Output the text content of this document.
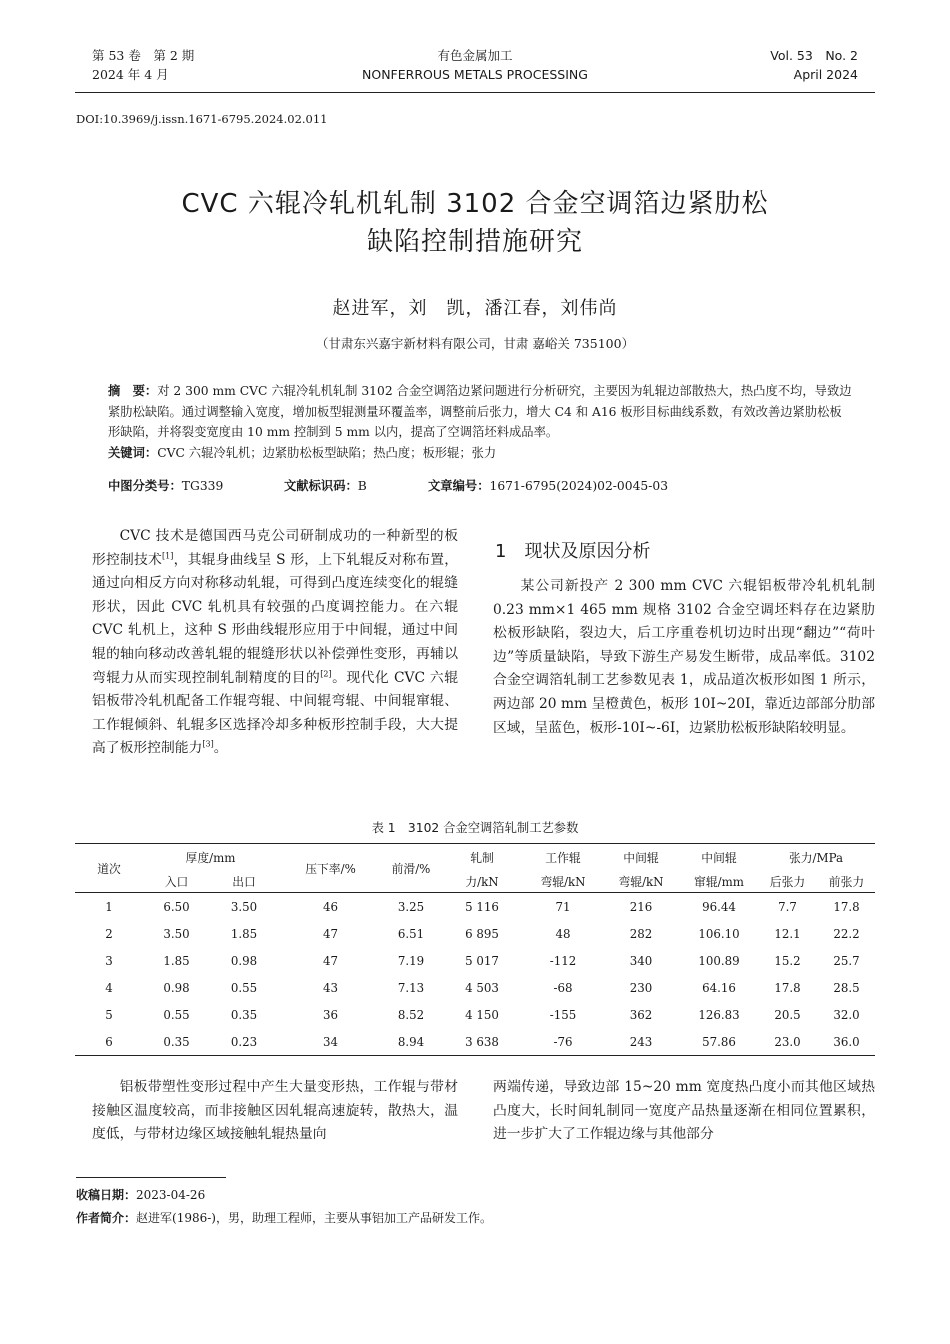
第 53 卷　第 2 期
2024 年 4 月
有色金属加工
NONFERROUS METALS PROCESSING
Vol. 53　No. 2
April 2024
DOI:10.3969/j.issn.1671-6795.2024.02.011
CVC 六辊冷轧机轧制 3102 合金空调箔边紧肋松
缺陷控制措施研究
赵进军，刘　凯，潘江春，刘伟尚
（甘肃东兴嘉宇新材料有限公司，甘肃 嘉峪关 735100）
摘　要：对 2 300 mm CVC 六辊冷轧机轧制 3102 合金空调箔边紧问题进行分析研究，主要因为轧辊边部散热大，热凸度不均，导致边紧肋松缺陷。通过调整输入宽度，增加板型辊测量环覆盖率，调整前后张力，增大 C4 和 A16 板形目标曲线系数，有效改善边紧肋松板形缺陷，并将裂变宽度由 10 mm 控制到 5 mm 以内，提高了空调箔坯料成品率。
关键词：CVC 六辊冷轧机；边紧肋松板型缺陷；热凸度；板形辊；张力
中图分类号：TG339	文献标识码：B	文章编号：1671-6795(2024)02-0045-03
CVC 技术是德国西马克公司研制成功的一种新型的板形控制技术[1]，其辊身曲线呈 S 形，上下轧辊反对称布置，通过向相反方向对称移动轧辊，可得到凸度连续变化的辊缝形状，因此 CVC 轧机具有较强的凸度调控能力。在六辊 CVC 轧机上，这种 S 形曲线辊形应用于中间辊，通过中间辊的轴向移动改善轧辊的辊缝形状以补偿弹性变形，再辅以弯辊力从而实现控制轧制精度的目的[2]。现代化 CVC 六辊铝板带冷轧机配备工作辊弯辊、中间辊弯辊、中间辊窜辊、工作辊倾斜、轧辊多区选择冷却多种板形控制手段，大大提高了板形控制能力[3]。
1　现状及原因分析
某公司新投产 2 300 mm CVC 六辊铝板带冷轧机轧制 0.23 mm×1 465 mm 规格 3102 合金空调坯料存在边紧肋松板形缺陷，裂边大，后工序重卷机切边时出现“翻边”“荷叶边”等质量缺陷，导致下游生产易发生断带，成品率低。3102 合金空调箔轧制工艺参数见表 1，成品道次板形如图 1 所示，两边部 20 mm 呈橙黄色，板形 10I~20I，靠近边部部分肋部区域，呈蓝色，板形-10I~-6I，边紧肋松板形缺陷较明显。
表 1　3102 合金空调箔轧制工艺参数
道次	厚度/mm		压下率/%	前滑/%	轧制	工作辊	中间辊	中间辊	张力/MPa	
	入口	出口			力/kN	弯辊/kN	弯辊/kN	窜辊/mm	后张力	前张力
1	6.50	3.50	46	3.25	5 116	71	216	96.44	7.7	17.8
2	3.50	1.85	47	6.51	6 895	48	282	106.10	12.1	22.2
3	1.85	0.98	47	7.19	5 017	-112	340	100.89	15.2	25.7
4	0.98	0.55	43	7.13	4 503	-68	230	64.16	17.8	28.5
5	0.55	0.35	36	8.52	4 150	-155	362	126.83	20.5	32.0
6	0.35	0.23	34	8.94	3 638	-76	243	57.86	23.0	36.0
铝板带塑性变形过程中产生大量变形热，工作辊与带材接触区温度较高，而非接触区因轧辊高速旋转，散热大，温度低，与带材边缘区域接触轧辊热量向
两端传递，导致边部 15~20 mm 宽度热凸度小而其他区域热凸度大，长时间轧制同一宽度产品热量逐渐在相同位置累积，进一步扩大了工作辊边缘与其他部分
收稿日期：2023-04-26
作者简介：赵进军(1986-)，男，助理工程师，主要从事铝加工产品研发工作。
